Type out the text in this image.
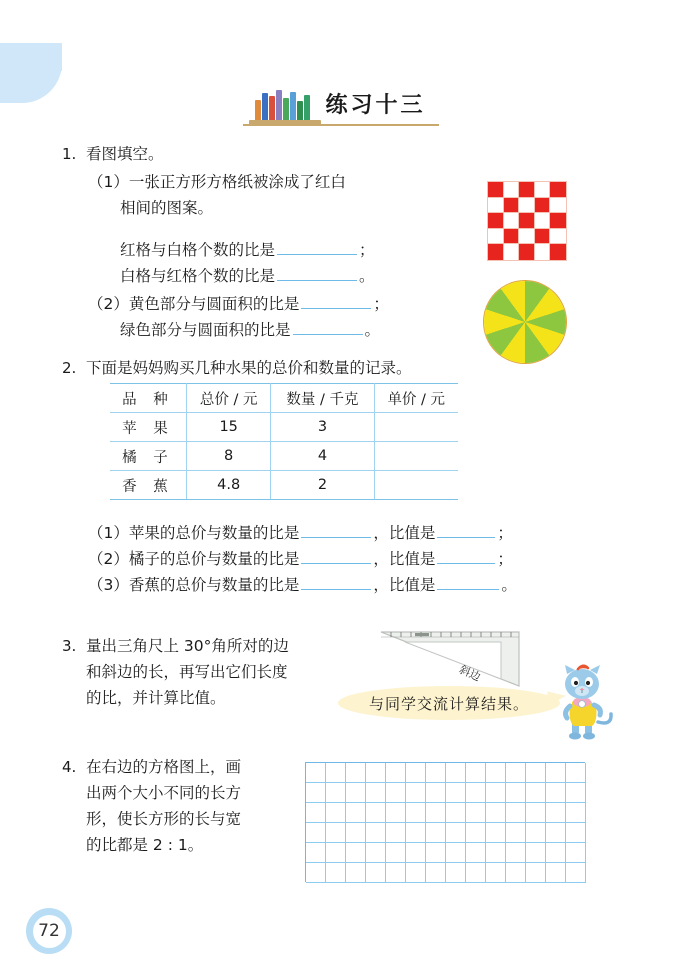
练习十三
1. 看图填空。
（1） 一张正方形方格纸被涂成了红白
相间的图案。
红格与白格个数的比是	；
白格与红格个数的比是	。
（2） 黄色部分与圆面积的比是	；
绿色部分与圆面积的比是	。
2. 下面是妈妈购买几种水果的总价和数量的记录。
品 种	总价 / 元	数量 / 千克	单价 / 元
苹 果	15	3	
橘 子	8	4	
香 蕉	4.8	2	
（1） 苹果的总价与数量的比是	，比值是	；
（2） 橘子的总价与数量的比是	，比值是	；
（3） 香蕉的总价与数量的比是	，比值是	。
3. 量出三角尺上 30°角所对的边
和斜边的长，再写出它们长度
的比，并计算比值。
斜边
与同学交流计算结果。
4. 在右边的方格图上，画
出两个大小不同的长方
形，使长方形的长与宽
的比都是 2 : 1。
72
